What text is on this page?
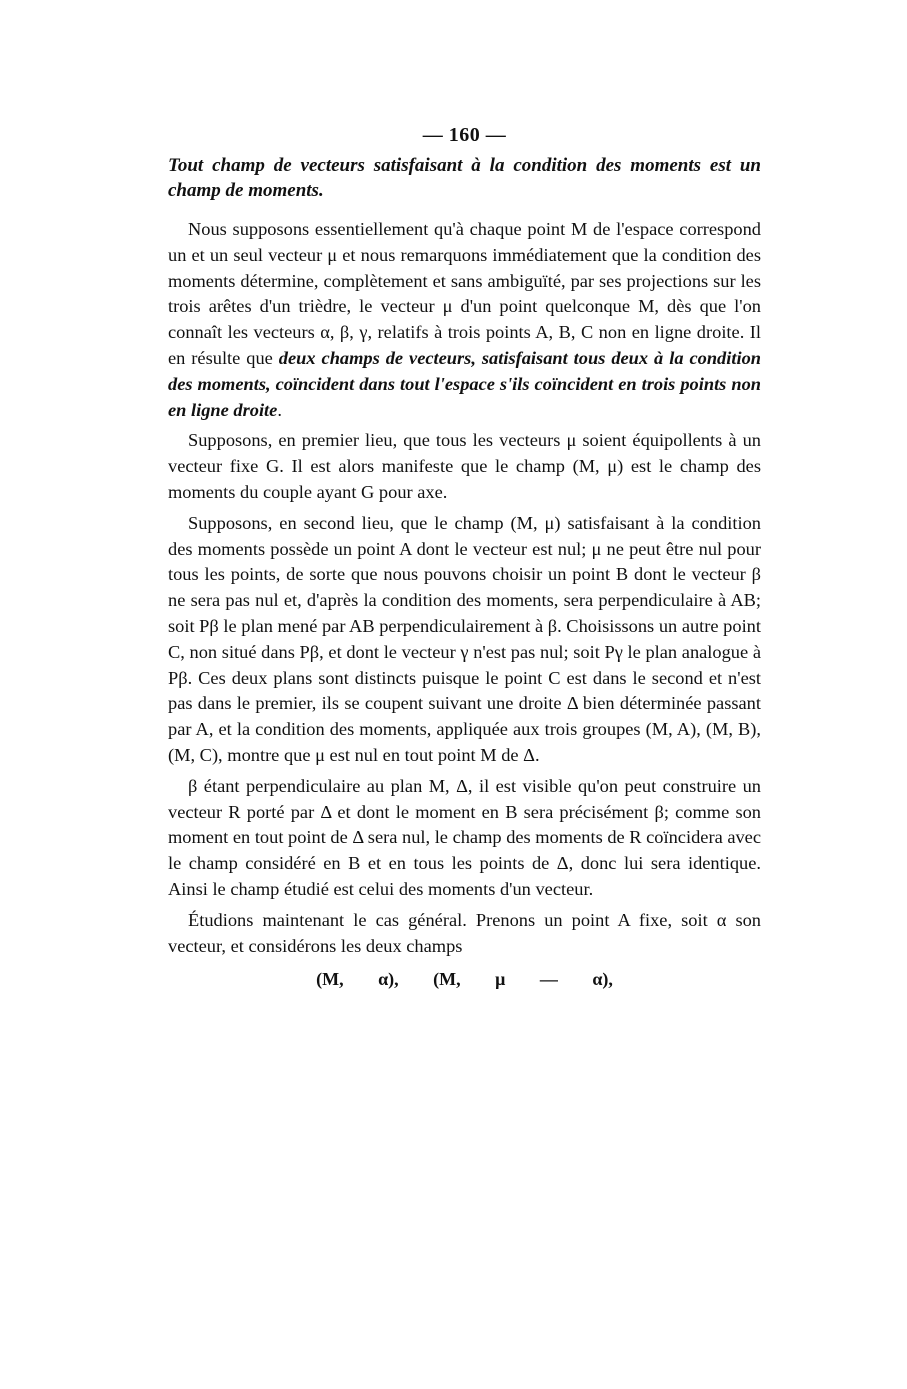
— 160 —

Tout champ de vecteurs satisfaisant à la condition des moments est un champ de moments.

Nous supposons essentiellement qu'à chaque point M de l'espace correspond un et un seul vecteur μ et nous remarquons immédiatement que la condition des moments détermine, complètement et sans ambiguïté, par ses projections sur les trois arêtes d'un trièdre, le vecteur μ d'un point quelconque M, dès que l'on connaît les vecteurs α, β, γ, relatifs à trois points A, B, C non en ligne droite. Il en résulte que deux champs de vecteurs, satisfaisant tous deux à la condition des moments, coïncident dans tout l'espace s'ils coïncident en trois points non en ligne droite.

Supposons, en premier lieu, que tous les vecteurs μ soient équipollents à un vecteur fixe G. Il est alors manifeste que le champ (M, μ) est le champ des moments du couple ayant G pour axe.

Supposons, en second lieu, que le champ (M, μ) satisfaisant à la condition des moments possède un point A dont le vecteur est nul; μ ne peut être nul pour tous les points, de sorte que nous pouvons choisir un point B dont le vecteur β ne sera pas nul et, d'après la condition des moments, sera perpendiculaire à AB; soit Pβ le plan mené par AB perpendiculairement à β. Choisissons un autre point C, non situé dans Pβ, et dont le vecteur γ n'est pas nul; soit Pγ le plan analogue à Pβ. Ces deux plans sont distincts puisque le point C est dans le second et n'est pas dans le premier, ils se coupent suivant une droite Δ bien déterminée passant par A, et la condition des moments, appliquée aux trois groupes (M, A), (M, B), (M, C), montre que μ est nul en tout point M de Δ.

β étant perpendiculaire au plan M, Δ, il est visible qu'on peut construire un vecteur R porté par Δ et dont le moment en B sera précisément β; comme son moment en tout point de Δ sera nul, le champ des moments de R coïncidera avec le champ considéré en B et en tous les points de Δ, donc lui sera identique. Ainsi le champ étudié est celui des moments d'un vecteur.

Étudions maintenant le cas général. Prenons un point A fixe, soit α son vecteur, et considérons les deux champs

(M, α), (M, μ — α),
